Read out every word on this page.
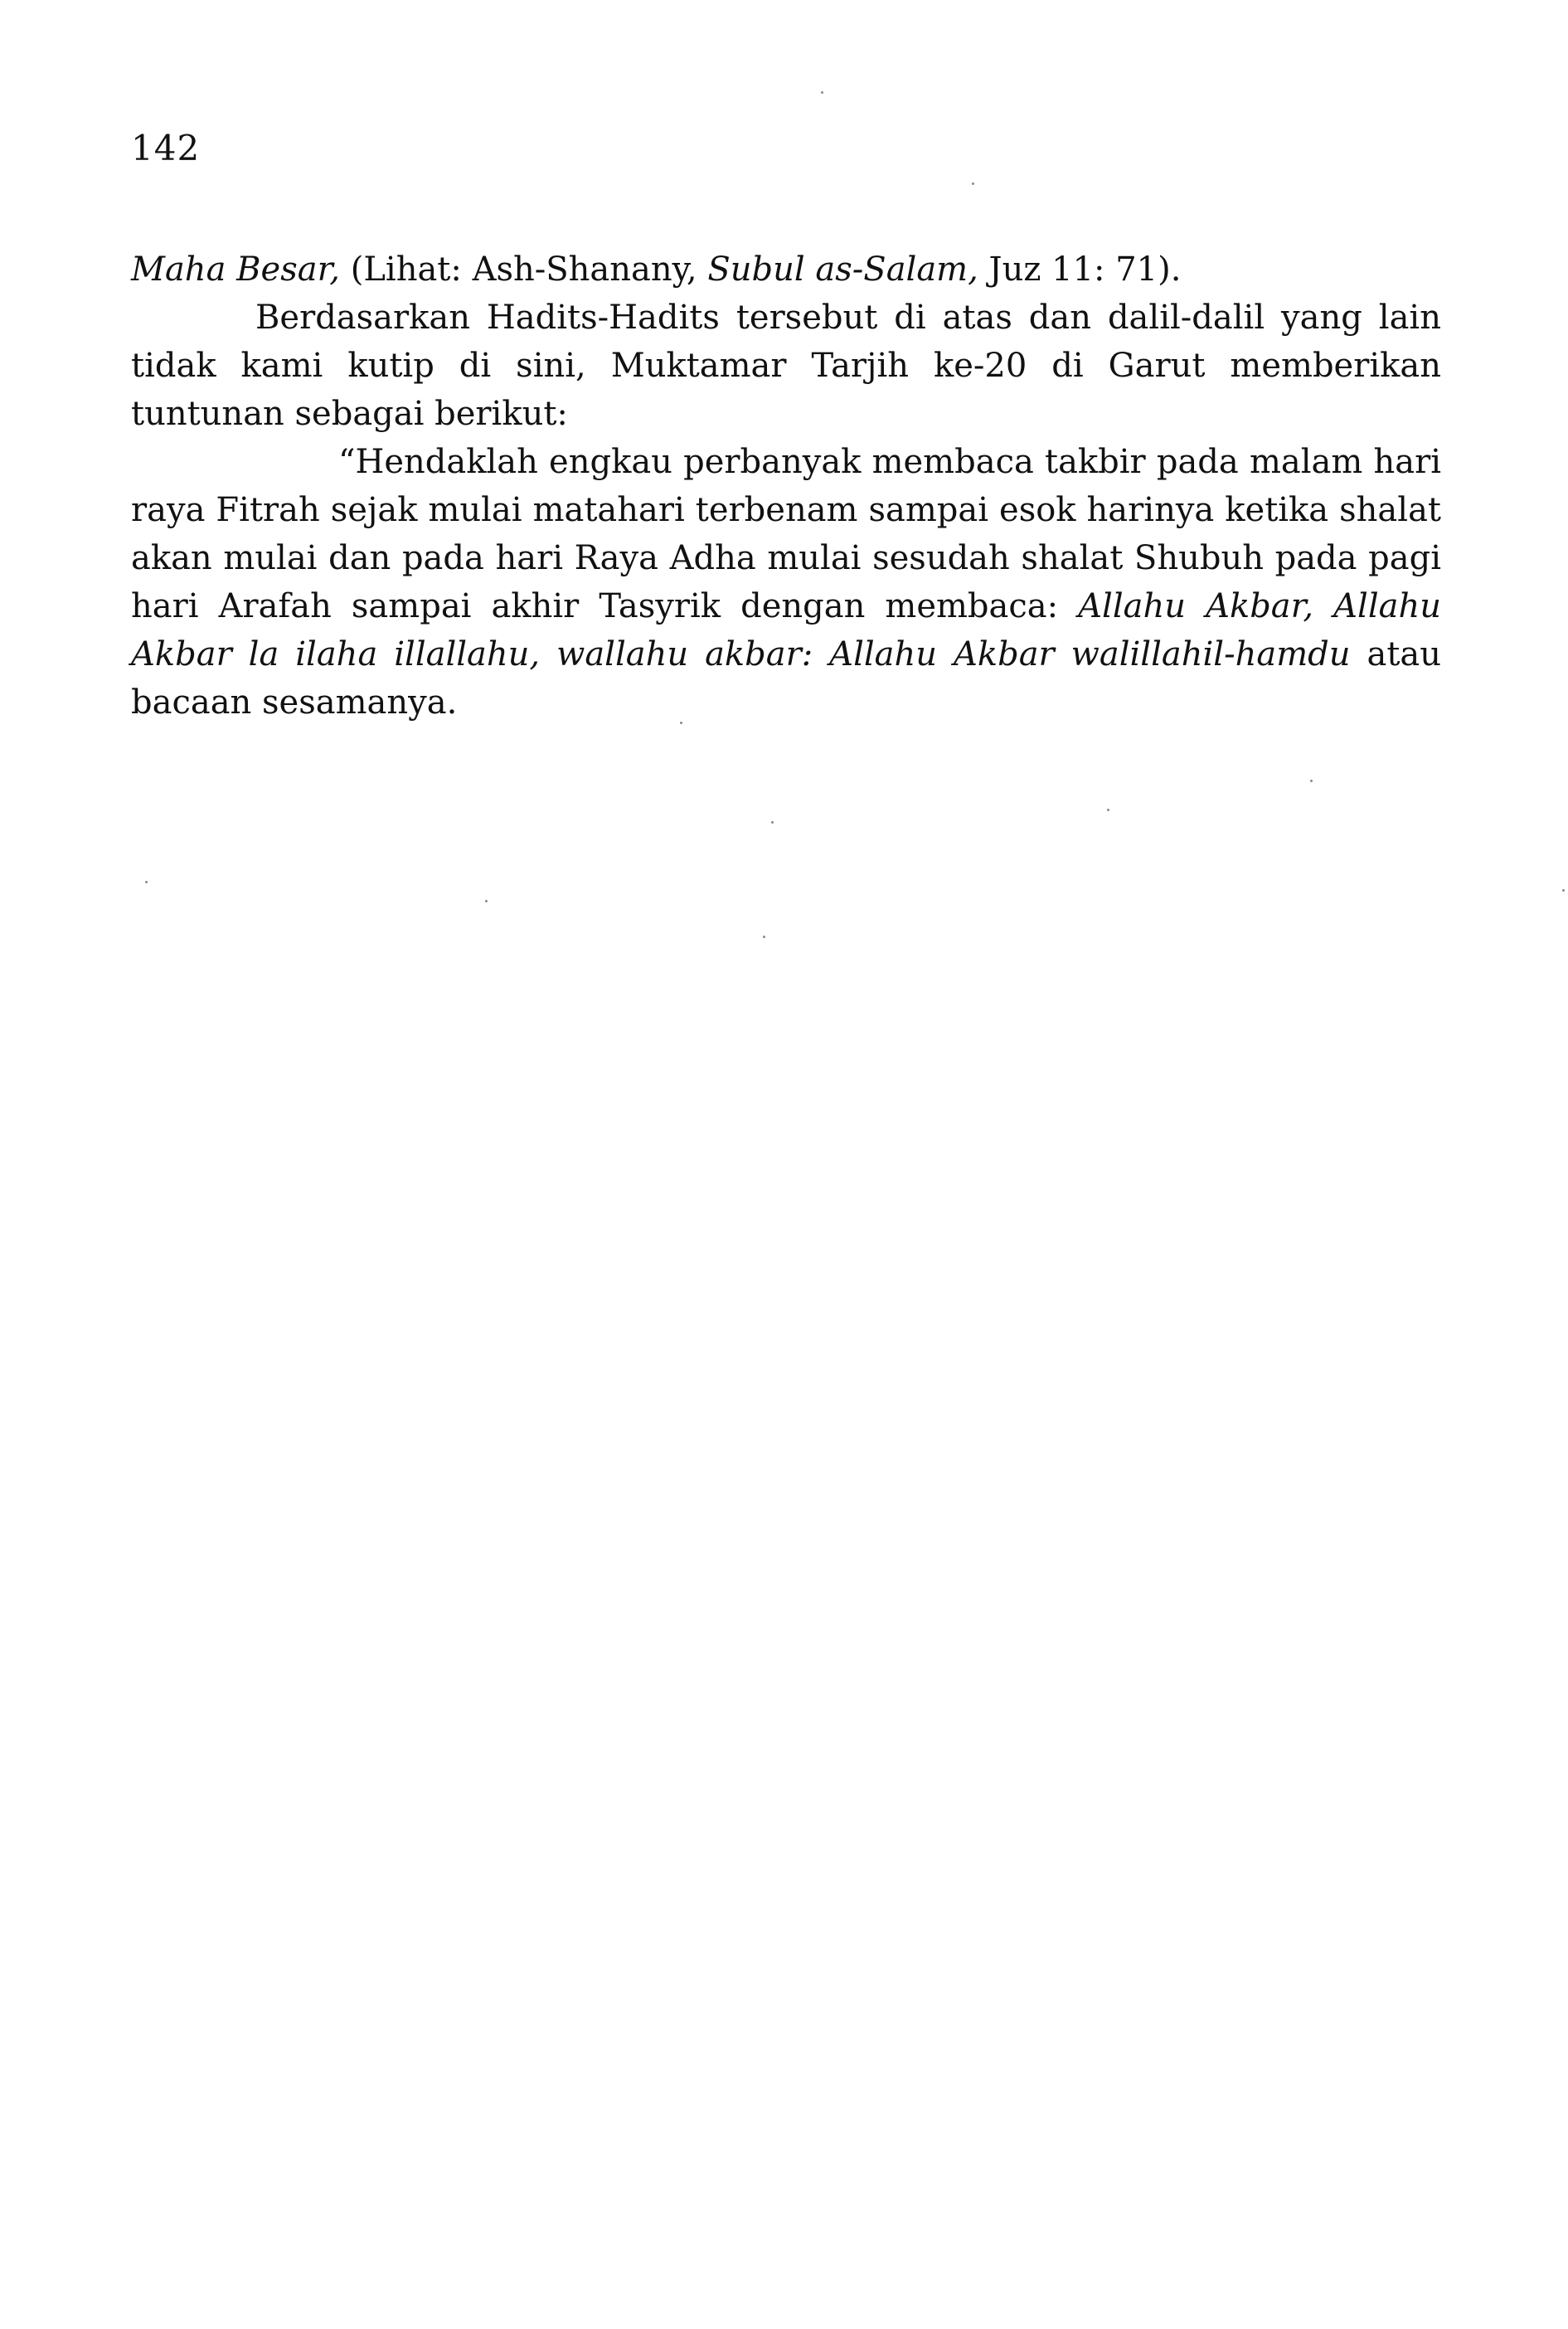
142

Maha Besar, (Lihat: Ash-Shanany, Subul as-Salam, Juz 11: 71).

Berdasarkan Hadits-Hadits tersebut di atas dan dalil-dalil yang lain tidak kami kutip di sini, Muktamar Tarjih ke-20 di Garut memberikan tuntunan sebagai berikut:

“Hendaklah engkau perbanyak membaca takbir pada malam hari raya Fitrah sejak mulai matahari terbenam sampai esok harinya ketika shalat akan mulai dan pada hari Raya Adha mulai sesudah shalat Shubuh pada pagi hari Arafah sampai akhir Tasyrik dengan membaca: Allahu Akbar, Allahu Akbar la ilaha illallahu, wallahu akbar: Allahu Akbar walillahil-hamdu atau bacaan sesamanya.
